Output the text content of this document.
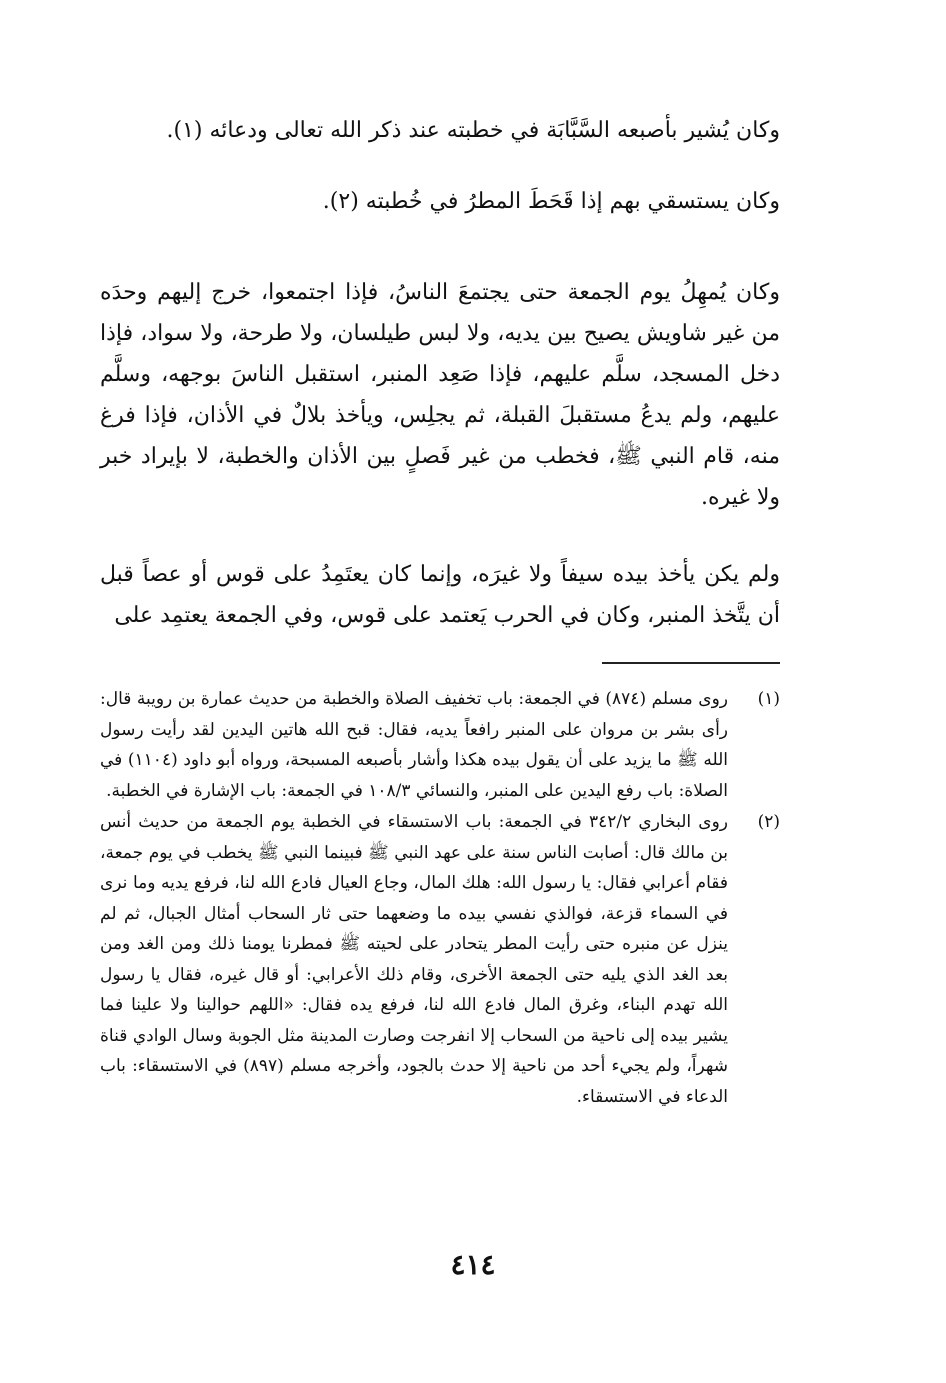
وكان يُشير بأصبعه السَّبَّابَة في خطبته عند ذكر الله تعالى ودعائه (١).

وكان يستسقي بهم إذا قَحَطَ المطرُ في خُطبته (٢).

وكان يُمهِلُ يوم الجمعة حتى يجتمعَ الناسُ، فإذا اجتمعوا، خرج إليهم وحدَه من غير شاويش يصيح بين يديه، ولا لبس طيلسان، ولا طرحة، ولا سواد، فإذا دخل المسجد، سلَّم عليهم، فإذا صَعِد المنبر، استقبل الناسَ بوجهه، وسلَّم عليهم، ولم يدعُ مستقبلَ القبلة، ثم يجلِس، ويأخذ بلالٌ في الأذان، فإذا فرغ منه، قام النبي ﷺ، فخطب من غير فَصلٍ بين الأذان والخطبة، لا بإيراد خبر ولا غيره.

ولم يكن يأخذ بيده سيفاً ولا غيرَه، وإنما كان يعتَمِدُ على قوس أو عصاً قبل أن يتَّخذ المنبر، وكان في الحرب يَعتمد على قوس، وفي الجمعة يعتمِد على

(١)
روى مسلم (٨٧٤) في الجمعة: باب تخفيف الصلاة والخطبة من حديث عمارة بن رويبة قال: رأى بشر بن مروان على المنبر رافعاً يديه، فقال: قبح الله هاتين اليدين لقد رأيت رسول الله ﷺ ما يزيد على أن يقول بيده هكذا وأشار بأصبعه المسبحة، ورواه أبو داود (١١٠٤) في الصلاة: باب رفع اليدين على المنبر، والنسائي ١٠٨/٣ في الجمعة: باب الإشارة في الخطبة.
(٢)
روى البخاري ٣٤٢/٢ في الجمعة: باب الاستسقاء في الخطبة يوم الجمعة من حديث أنس بن مالك قال: أصابت الناس سنة على عهد النبي ﷺ فبينما النبي ﷺ يخطب في يوم جمعة، فقام أعرابي فقال: يا رسول الله: هلك المال، وجاع العيال فادع الله لنا، فرفع يديه وما نرى في السماء قزعة، فوالذي نفسي بيده ما وضعهما حتى ثار السحاب أمثال الجبال، ثم لم ينزل عن منبره حتى رأيت المطر يتحادر على لحيته ﷺ فمطرنا يومنا ذلك ومن الغد ومن بعد الغد الذي يليه حتى الجمعة الأخرى، وقام ذلك الأعرابي: أو قال غيره، فقال يا رسول الله تهدم البناء، وغرق المال فادع الله لنا، فرفع يده فقال: «اللهم حوالينا ولا علينا فما يشير بيده إلى ناحية من السحاب إلا انفرجت وصارت المدينة مثل الجوبة وسال الوادي قناة شهراً، ولم يجيء أحد من ناحية إلا حدث بالجود، وأخرجه مسلم (٨٩٧) في الاستسقاء: باب الدعاء في الاستسقاء.
٤١٤
